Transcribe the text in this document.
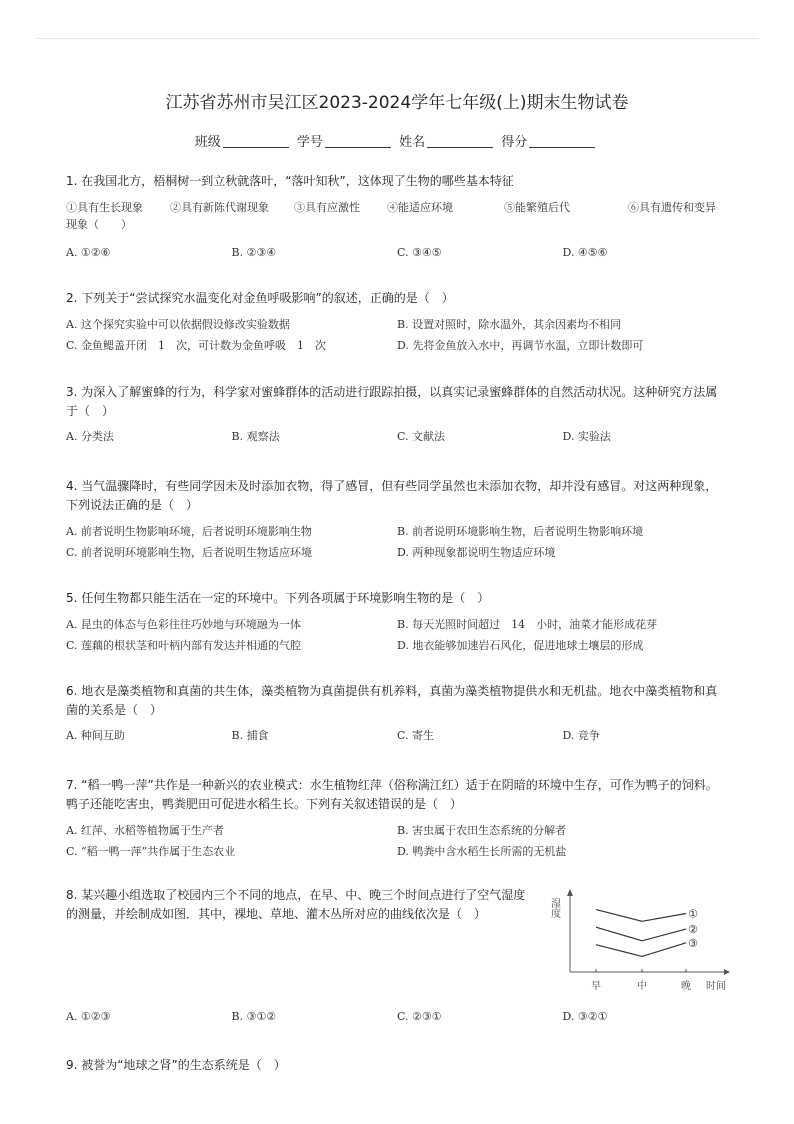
江苏省苏州市吴江区2023-2024学年七年级(上)期末生物试卷
班级	学号	姓名	得分
1. 在我国北方，梧桐树一到立秋就落叶，“落叶知秋”，这体现了生物的哪些基本特征
①具有生长现象 ②具有新陈代谢现象 ③具有应激性 ④能适应环境	⑤能繁殖后代	⑥具有遗传和变异
现象（　　）
A. ①②⑥	B. ②③④	C. ③④⑤	D. ④⑤⑥
2. 下列关于“尝试探究水温变化对金鱼呼吸影响”的叙述，正确的是（　）
A. 这个探究实验中可以依据假设修改实验数据	B. 设置对照时，除水温外，其余因素均不相同
C. 金鱼鳃盖开闭　1　次，可计数为金鱼呼吸　1　次	D. 先将金鱼放入水中，再调节水温，立即计数即可
3. 为深入了解蜜蜂的行为，科学家对蜜蜂群体的活动进行跟踪拍摄，以真实记录蜜蜂群体的自然活动状况。这种研究方法属于（　）
A. 分类法	B. 观察法	C. 文献法	D. 实验法
4. 当气温骤降时，有些同学因未及时添加衣物，得了感冒，但有些同学虽然也未添加衣物，却并没有感冒。对这两种现象，下列说法正确的是（　）
A. 前者说明生物影响环境，后者说明环境影响生物	B. 前者说明环境影响生物，后者说明生物影响环境
C. 前者说明环境影响生物，后者说明生物适应环境	D. 两种现象都说明生物适应环境
5. 任何生物都只能生活在一定的环境中。下列各项属于环境影响生物的是（　）
A. 昆虫的体态与色彩往往巧妙地与环境融为一体	B. 每天光照时间超过　14　小时，油菜才能形成花芽
C. 莲藕的根状茎和叶柄内部有发达并相通的气腔	D. 地衣能够加速岩石风化，促进地球土壤层的形成
6. 地衣是藻类植物和真菌的共生体，藻类植物为真菌提供有机养料，真菌为藻类植物提供水和无机盐。地衣中藻类植物和真菌的关系是（　）
A. 种间互助	B. 捕食	C. 寄生	D. 竞争
7. “稻一鸭一萍”共作是一种新兴的农业模式：水生植物红萍（俗称满江红）适于在阴暗的环境中生存，可作为鸭子的饲料。鸭子还能吃害虫，鸭粪肥田可促进水稻生长。下列有关叙述错误的是（　）
A. 红萍、水稻等植物属于生产者	B. 害虫属于农田生态系统的分解者
C. “稻一鸭一萍”共作属于生态农业	D. 鸭粪中含水稻生长所需的无机盐
8. 某兴趣小组选取了校园内三个不同的地点，在早、中、晚三个时间点进行了空气湿度的测量，并绘制成如图．其中，裸地、草地、灌木丛所对应的曲线依次是（　）
A. ①②③	B. ③①②	C. ②③①	D. ③②①
湿度
时间
早	中	晚
①
②
③
9. 被誉为“地球之肾”的生态系统是（　）
